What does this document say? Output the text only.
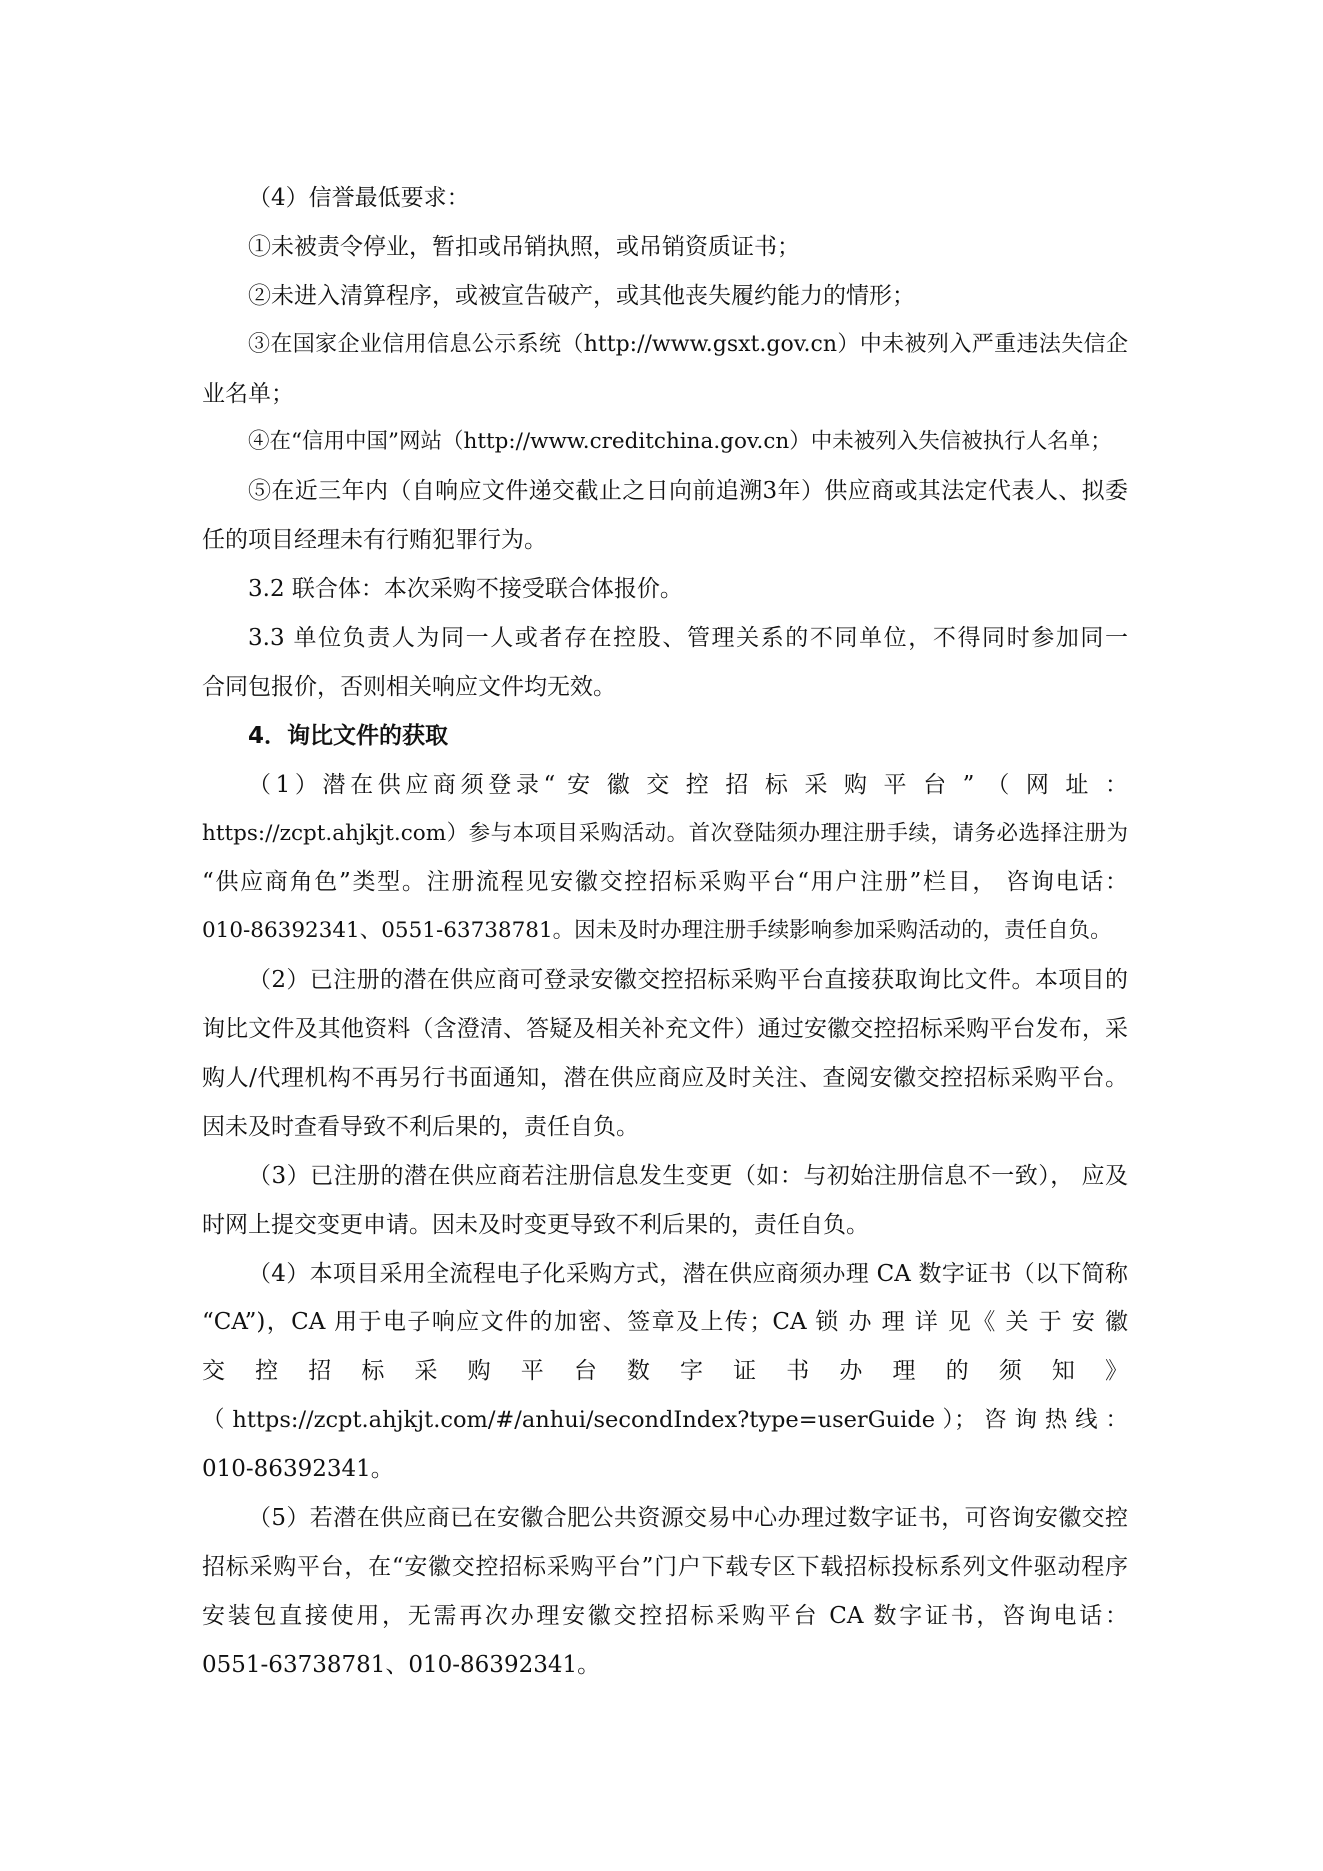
（4）信誉最低要求：
①未被责令停业，暂扣或吊销执照，或吊销资质证书；
②未进入清算程序，或被宣告破产，或其他丧失履约能力的情形；
③在国家企业信用信息公示系统（http://www.gsxt.gov.cn）中未被列入严重违法失信企
业名单；
④在“信用中国”网站（http://www.creditchina.gov.cn）中未被列入失信被执行人名单；
⑤在近三年内（自响应文件递交截止之日向前追溯3年）供应商或其法定代表人、拟委
任的项目经理未有行贿犯罪行为。
3.2 联合体：本次采购不接受联合体报价。
3.3 单位负责人为同一人或者存在控股、管理关系的不同单位，不得同时参加同一
合同包报价，否则相关响应文件均无效。
4．询比文件的获取
（1）潜在供应商须登录“ 安 徽 交 控 招 标 采 购 平 台 ” （ 网 址 ：
https://zcpt.ahjkjt.com）参与本项目采购活动。首次登陆须办理注册手续，请务必选择注册为
“供应商角色”类型。注册流程见安徽交控招标采购平台“用户注册”栏目， 咨询电话：
010-86392341、0551-63738781。因未及时办理注册手续影响参加采购活动的，责任自负。
（2）已注册的潜在供应商可登录安徽交控招标采购平台直接获取询比文件。本项目的
询比文件及其他资料（含澄清、答疑及相关补充文件）通过安徽交控招标采购平台发布，采
购人/代理机构不再另行书面通知，潜在供应商应及时关注、查阅安徽交控招标采购平台。
因未及时查看导致不利后果的，责任自负。
（3）已注册的潜在供应商若注册信息发生变更（如：与初始注册信息不一致）， 应及
时网上提交变更申请。因未及时变更导致不利后果的，责任自负。
（4）本项目采用全流程电子化采购方式，潜在供应商须办理 CA 数字证书（以下简称
“CA”)，CA 用于电子响应文件的加密、签章及上传；CA 锁 办 理 详 见《 关 于 安 徽
交 控 招 标 采 购 平 台 数 字 证 书 办 理 的 须 知 》
（ https://zcpt.ahjkjt.com/#/anhui/secondIndex?type=userGuide ）； 咨 询 热 线 ：
010-86392341。
（5）若潜在供应商已在安徽合肥公共资源交易中心办理过数字证书，可咨询安徽交控
招标采购平台，在“安徽交控招标采购平台”门户下载专区下载招标投标系列文件驱动程序
安装包直接使用，无需再次办理安徽交控招标采购平台 CA 数字证书，咨询电话：
0551-63738781、010-86392341。
